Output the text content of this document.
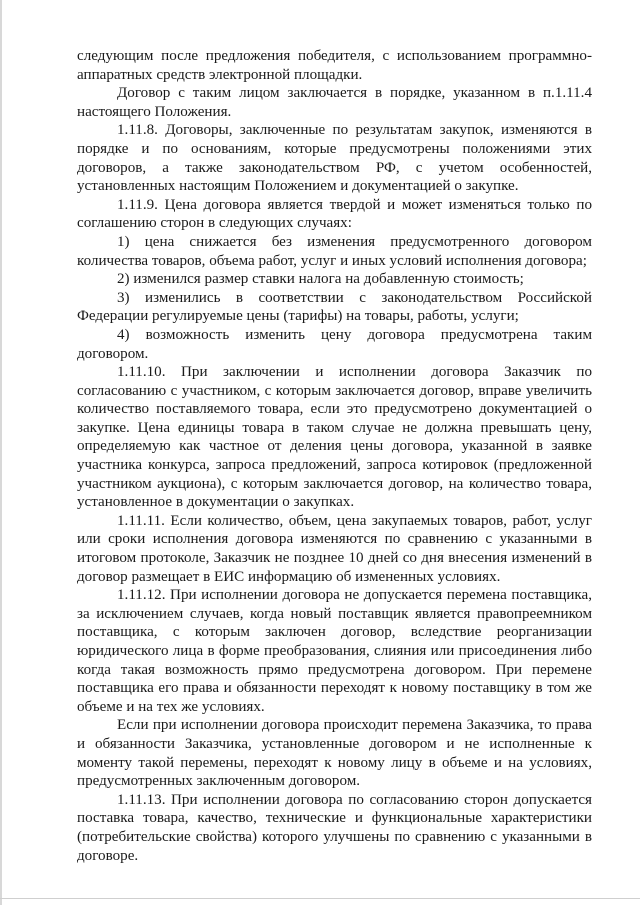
следующим после предложения победителя, с использованием программно-аппаратных средств электронной площадки.

Договор с таким лицом заключается в порядке, указанном в п.1.11.4 настоящего Положения.

1.11.8. Договоры, заключенные по результатам закупок, изменяются в порядке и по основаниям, которые предусмотрены положениями этих договоров, а также законодательством РФ, с учетом особенностей, установленных настоящим Положением и документацией о закупке.

1.11.9. Цена договора является твердой и может изменяться только по соглашению сторон в следующих случаях:

1) цена снижается без изменения предусмотренного договором количества товаров, объема работ, услуг и иных условий исполнения договора;

2) изменился размер ставки налога на добавленную стоимость;

3) изменились в соответствии с законодательством Российской Федерации регулируемые цены (тарифы) на товары, работы, услуги;

4) возможность изменить цену договора предусмотрена таким договором.

1.11.10. При заключении и исполнении договора Заказчик по согласованию с участником, с которым заключается договор, вправе увеличить количество поставляемого товара, если это предусмотрено документацией о закупке. Цена единицы товара в таком случае не должна превышать цену, определяемую как частное от деления цены договора, указанной в заявке участника конкурса, запроса предложений, запроса котировок (предложенной участником аукциона), с которым заключается договор, на количество товара, установленное в документации о закупках.

1.11.11. Если количество, объем, цена закупаемых товаров, работ, услуг или сроки исполнения договора изменяются по сравнению с указанными в итоговом протоколе, Заказчик не позднее 10 дней со дня внесения изменений в договор размещает в ЕИС информацию об измененных условиях.

1.11.12. При исполнении договора не допускается перемена поставщика, за исключением случаев, когда новый поставщик является правопреемником поставщика, с которым заключен договор, вследствие реорганизации юридического лица в форме преобразования, слияния или присоединения либо когда такая возможность прямо предусмотрена договором. При перемене поставщика его права и обязанности переходят к новому поставщику в том же объеме и на тех же условиях.

Если при исполнении договора происходит перемена Заказчика, то права и обязанности Заказчика, установленные договором и не исполненные к моменту такой перемены, переходят к новому лицу в объеме и на условиях, предусмотренных заключенным договором.

1.11.13. При исполнении договора по согласованию сторон допускается поставка товара, качество, технические и функциональные характеристики (потребительские свойства) которого улучшены по сравнению с указанными в договоре.
